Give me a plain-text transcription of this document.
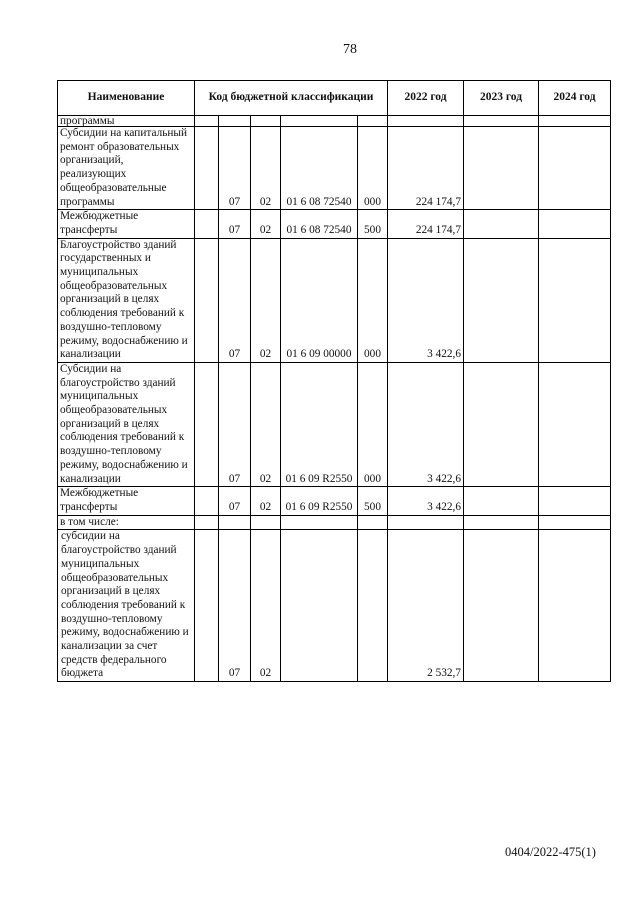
78
Наименование	Код бюджетной классификации					2022 год	2023 год	2024 год
программы								
Субсидии на капитальный ремонт образовательных организаций, реализующих общеобразовательные программы		07	02	01 6 08 72540	000	224 174,7		
Межбюджетные трансферты		07	02	01 6 08 72540	500	224 174,7		
Благоустройство зданий государственных и муниципальных общеобразовательных организаций в целях соблюдения требований к воздушно-тепловому режиму, водоснабжению и канализации		07	02	01 6 09 00000	000	3 422,6		
Субсидии на благоустройство зданий муниципальных общеобразовательных организаций в целях соблюдения требований к воздушно-тепловому режиму, водоснабжению и канализации		07	02	01 6 09 R2550	000	3 422,6		
Межбюджетные трансферты		07	02	01 6 09 R2550	500	3 422,6		
в том числе:								
субсидии на благоустройство зданий муниципальных общеобразовательных организаций в целях соблюдения требований к воздушно-тепловому режиму, водоснабжению и канализации за счет средств федерального бюджета		07	02			2 532,7		
0404/2022-475(1)
